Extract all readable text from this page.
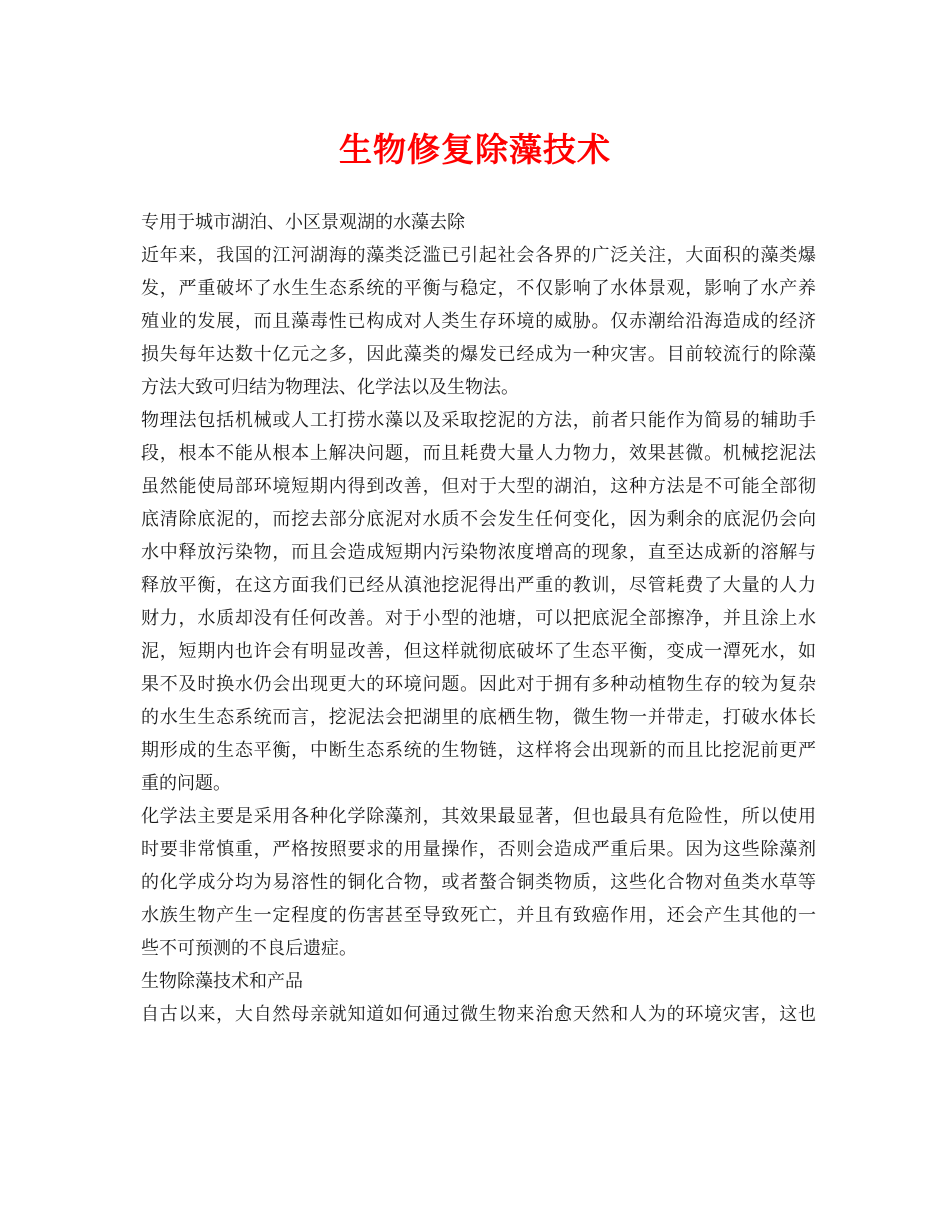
生物修复除藻技术
专用于城市湖泊、小区景观湖的水藻去除
近年来，我国的江河湖海的藻类泛滥已引起社会各界的广泛关注，大面积的藻类爆
发，严重破坏了水生生态系统的平衡与稳定，不仅影响了水体景观，影响了水产养
殖业的发展，而且藻毒性已构成对人类生存环境的威胁。仅赤潮给沿海造成的经济
损失每年达数十亿元之多，因此藻类的爆发已经成为一种灾害。目前较流行的除藻
方法大致可归结为物理法、化学法以及生物法。
物理法包括机械或人工打捞水藻以及采取挖泥的方法，前者只能作为简易的辅助手
段，根本不能从根本上解决问题，而且耗费大量人力物力，效果甚微。机械挖泥法
虽然能使局部环境短期内得到改善，但对于大型的湖泊，这种方法是不可能全部彻
底清除底泥的，而挖去部分底泥对水质不会发生任何变化，因为剩余的底泥仍会向
水中释放污染物，而且会造成短期内污染物浓度增高的现象，直至达成新的溶解与
释放平衡，在这方面我们已经从滇池挖泥得出严重的教训，尽管耗费了大量的人力
财力，水质却没有任何改善。对于小型的池塘，可以把底泥全部擦净，并且涂上水
泥，短期内也许会有明显改善，但这样就彻底破坏了生态平衡，变成一潭死水，如
果不及时换水仍会出现更大的环境问题。因此对于拥有多种动植物生存的较为复杂
的水生生态系统而言，挖泥法会把湖里的底栖生物，微生物一并带走，打破水体长
期形成的生态平衡，中断生态系统的生物链，这样将会出现新的而且比挖泥前更严
重的问题。
化学法主要是采用各种化学除藻剂，其效果最显著，但也最具有危险性，所以使用
时要非常慎重，严格按照要求的用量操作，否则会造成严重后果。因为这些除藻剂
的化学成分均为易溶性的铜化合物，或者螯合铜类物质，这些化合物对鱼类水草等
水族生物产生一定程度的伤害甚至导致死亡，并且有致癌作用，还会产生其他的一
些不可预测的不良后遗症。
生物除藻技术和产品
自古以来，大自然母亲就知道如何通过微生物来治愈天然和人为的环境灾害，这也
